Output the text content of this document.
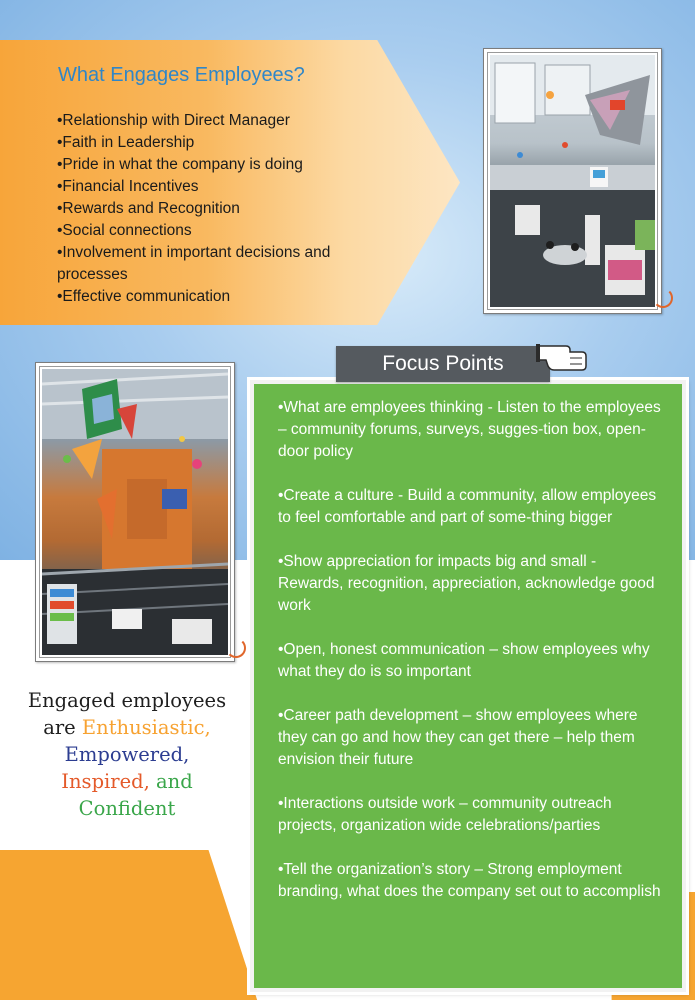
What Engages Employees?
•Relationship with Direct Manager
•Faith in Leadership
•Pride in what the company is doing
•Financial Incentives
•Rewards and Recognition
•Social connections
•Involvement in important decisions and processes
•Effective communication
Focus Points
•What are employees thinking - Listen to the employees – community forums, surveys, sugges-tion box, open-door policy
•Create a culture - Build a community, allow employees to feel comfortable and part of some-thing bigger
•Show appreciation for impacts big and small - Rewards, recognition, appreciation, acknowledge good work
•Open, honest communication – show employees why what they do is so important
•Career path development – show employees where they can go and how they can get there – help them envision their future
•Interactions outside work – community outreach projects, organization wide celebrations/parties
•Tell the organization’s story – Strong employment branding, what does the company set out to accomplish
Engaged employees
are Enthusiastic,
Empowered,
Inspired, and
Confident
